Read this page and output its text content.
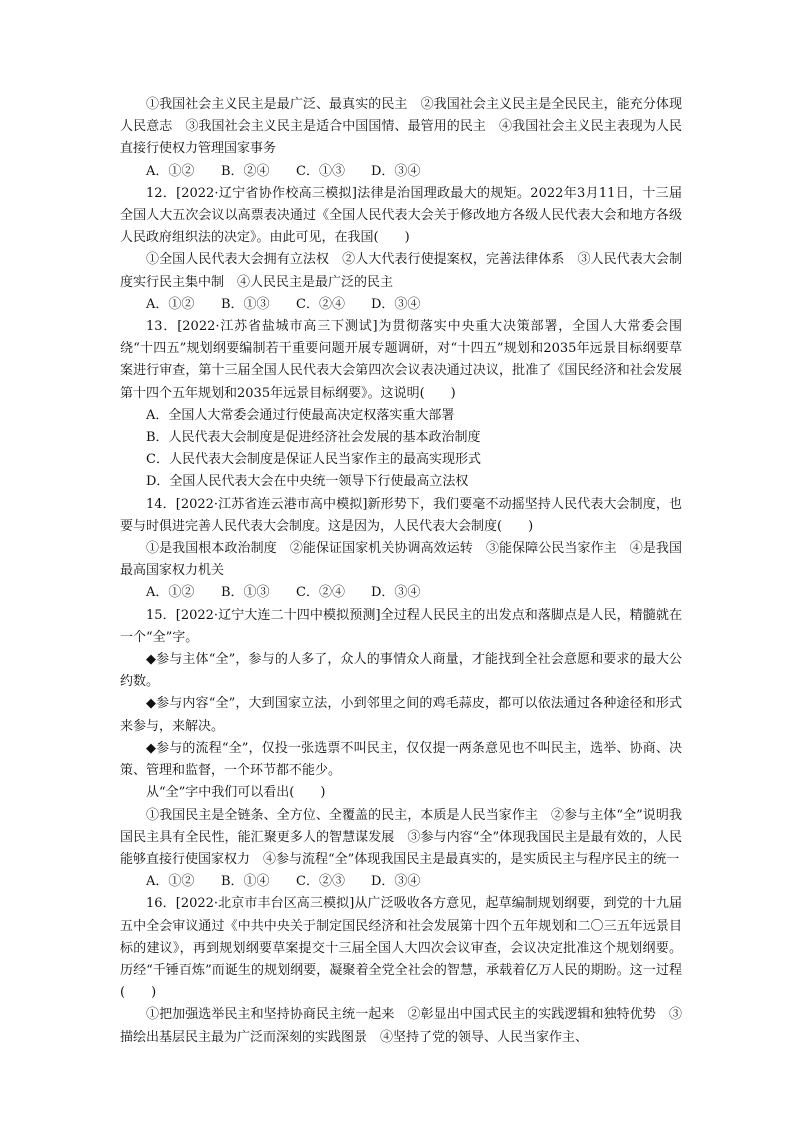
①我国社会主义民主是最广泛、最真实的民主　②我国社会主义民主是全民民主，能充分体现人民意志　③我国社会主义民主是适合中国国情、最管用的民主　④我国社会主义民主表现为人民直接行使权力管理国家事务

A．①②	B．②④	C．①③	D．③④

12．[2022·辽宁省协作校高三模拟]法律是治国理政最大的规矩。2022年3月11日，十三届全国人大五次会议以高票表决通过《全国人民代表大会关于修改地方各级人民代表大会和地方各级人民政府组织法的决定》。由此可见，在我国(　　)

①全国人民代表大会拥有立法权　②人大代表行使提案权，完善法律体系　③人民代表大会制度实行民主集中制　④人民民主是最广泛的民主

A．①②	B．①③	C．②④	D．③④

13．[2022·江苏省盐城市高三下测试]为贯彻落实中央重大决策部署，全国人大常委会围绕“十四五”规划纲要编制若干重要问题开展专题调研，对“十四五”规划和2035年远景目标纲要草案进行审查，第十三届全国人民代表大会第四次会议表决通过决议，批准了《国民经济和社会发展第十四个五年规划和2035年远景目标纲要》。这说明(　　)

A．全国人大常委会通过行使最高决定权落实重大部署

B．人民代表大会制度是促进经济社会发展的基本政治制度

C．人民代表大会制度是保证人民当家作主的最高实现形式

D．全国人民代表大会在中央统一领导下行使最高立法权

14．[2022·江苏省连云港市高中模拟]新形势下，我们要毫不动摇坚持人民代表大会制度，也要与时俱进完善人民代表大会制度。这是因为，人民代表大会制度(　　)

①是我国根本政治制度　②能保证国家机关协调高效运转　③能保障公民当家作主　④是我国最高国家权力机关

A．①②	B．①③	C．②④	D．③④

15．[2022·辽宁大连二十四中模拟预测]全过程人民民主的出发点和落脚点是人民，精髓就在一个“全”字。

◆参与主体“全”，参与的人多了，众人的事情众人商量，才能找到全社会意愿和要求的最大公约数。

◆参与内容“全”，大到国家立法，小到邻里之间的鸡毛蒜皮，都可以依法通过各种途径和形式来参与，来解决。

◆参与的流程“全”，仅投一张选票不叫民主，仅仅提一两条意见也不叫民主，选举、协商、决策、管理和监督，一个环节都不能少。

从“全”字中我们可以看出(　　)

①我国民主是全链条、全方位、全覆盖的民主，本质是人民当家作主　②参与主体“全”说明我国民主具有全民性，能汇聚更多人的智慧谋发展　③参与内容“全”体现我国民主是最有效的，人民能够直接行使国家权力　④参与流程“全”体现我国民主是最真实的，是实质民主与程序民主的统一

A．①②	B．①④	C．②③	D．③④

16．[2022·北京市丰台区高三模拟]从广泛吸收各方意见，起草编制规划纲要，到党的十九届五中全会审议通过《中共中央关于制定国民经济和社会发展第十四个五年规划和二〇三五年远景目标的建议》，再到规划纲要草案提交十三届全国人大四次会议审查，会议决定批准这个规划纲要。历经“千锤百炼”而诞生的规划纲要，凝聚着全党全社会的智慧，承载着亿万人民的期盼。这一过程(　　)

①把加强选举民主和坚持协商民主统一起来　②彰显出中国式民主的实践逻辑和独特优势　③描绘出基层民主最为广泛而深刻的实践图景　④坚持了党的领导、人民当家作主、
